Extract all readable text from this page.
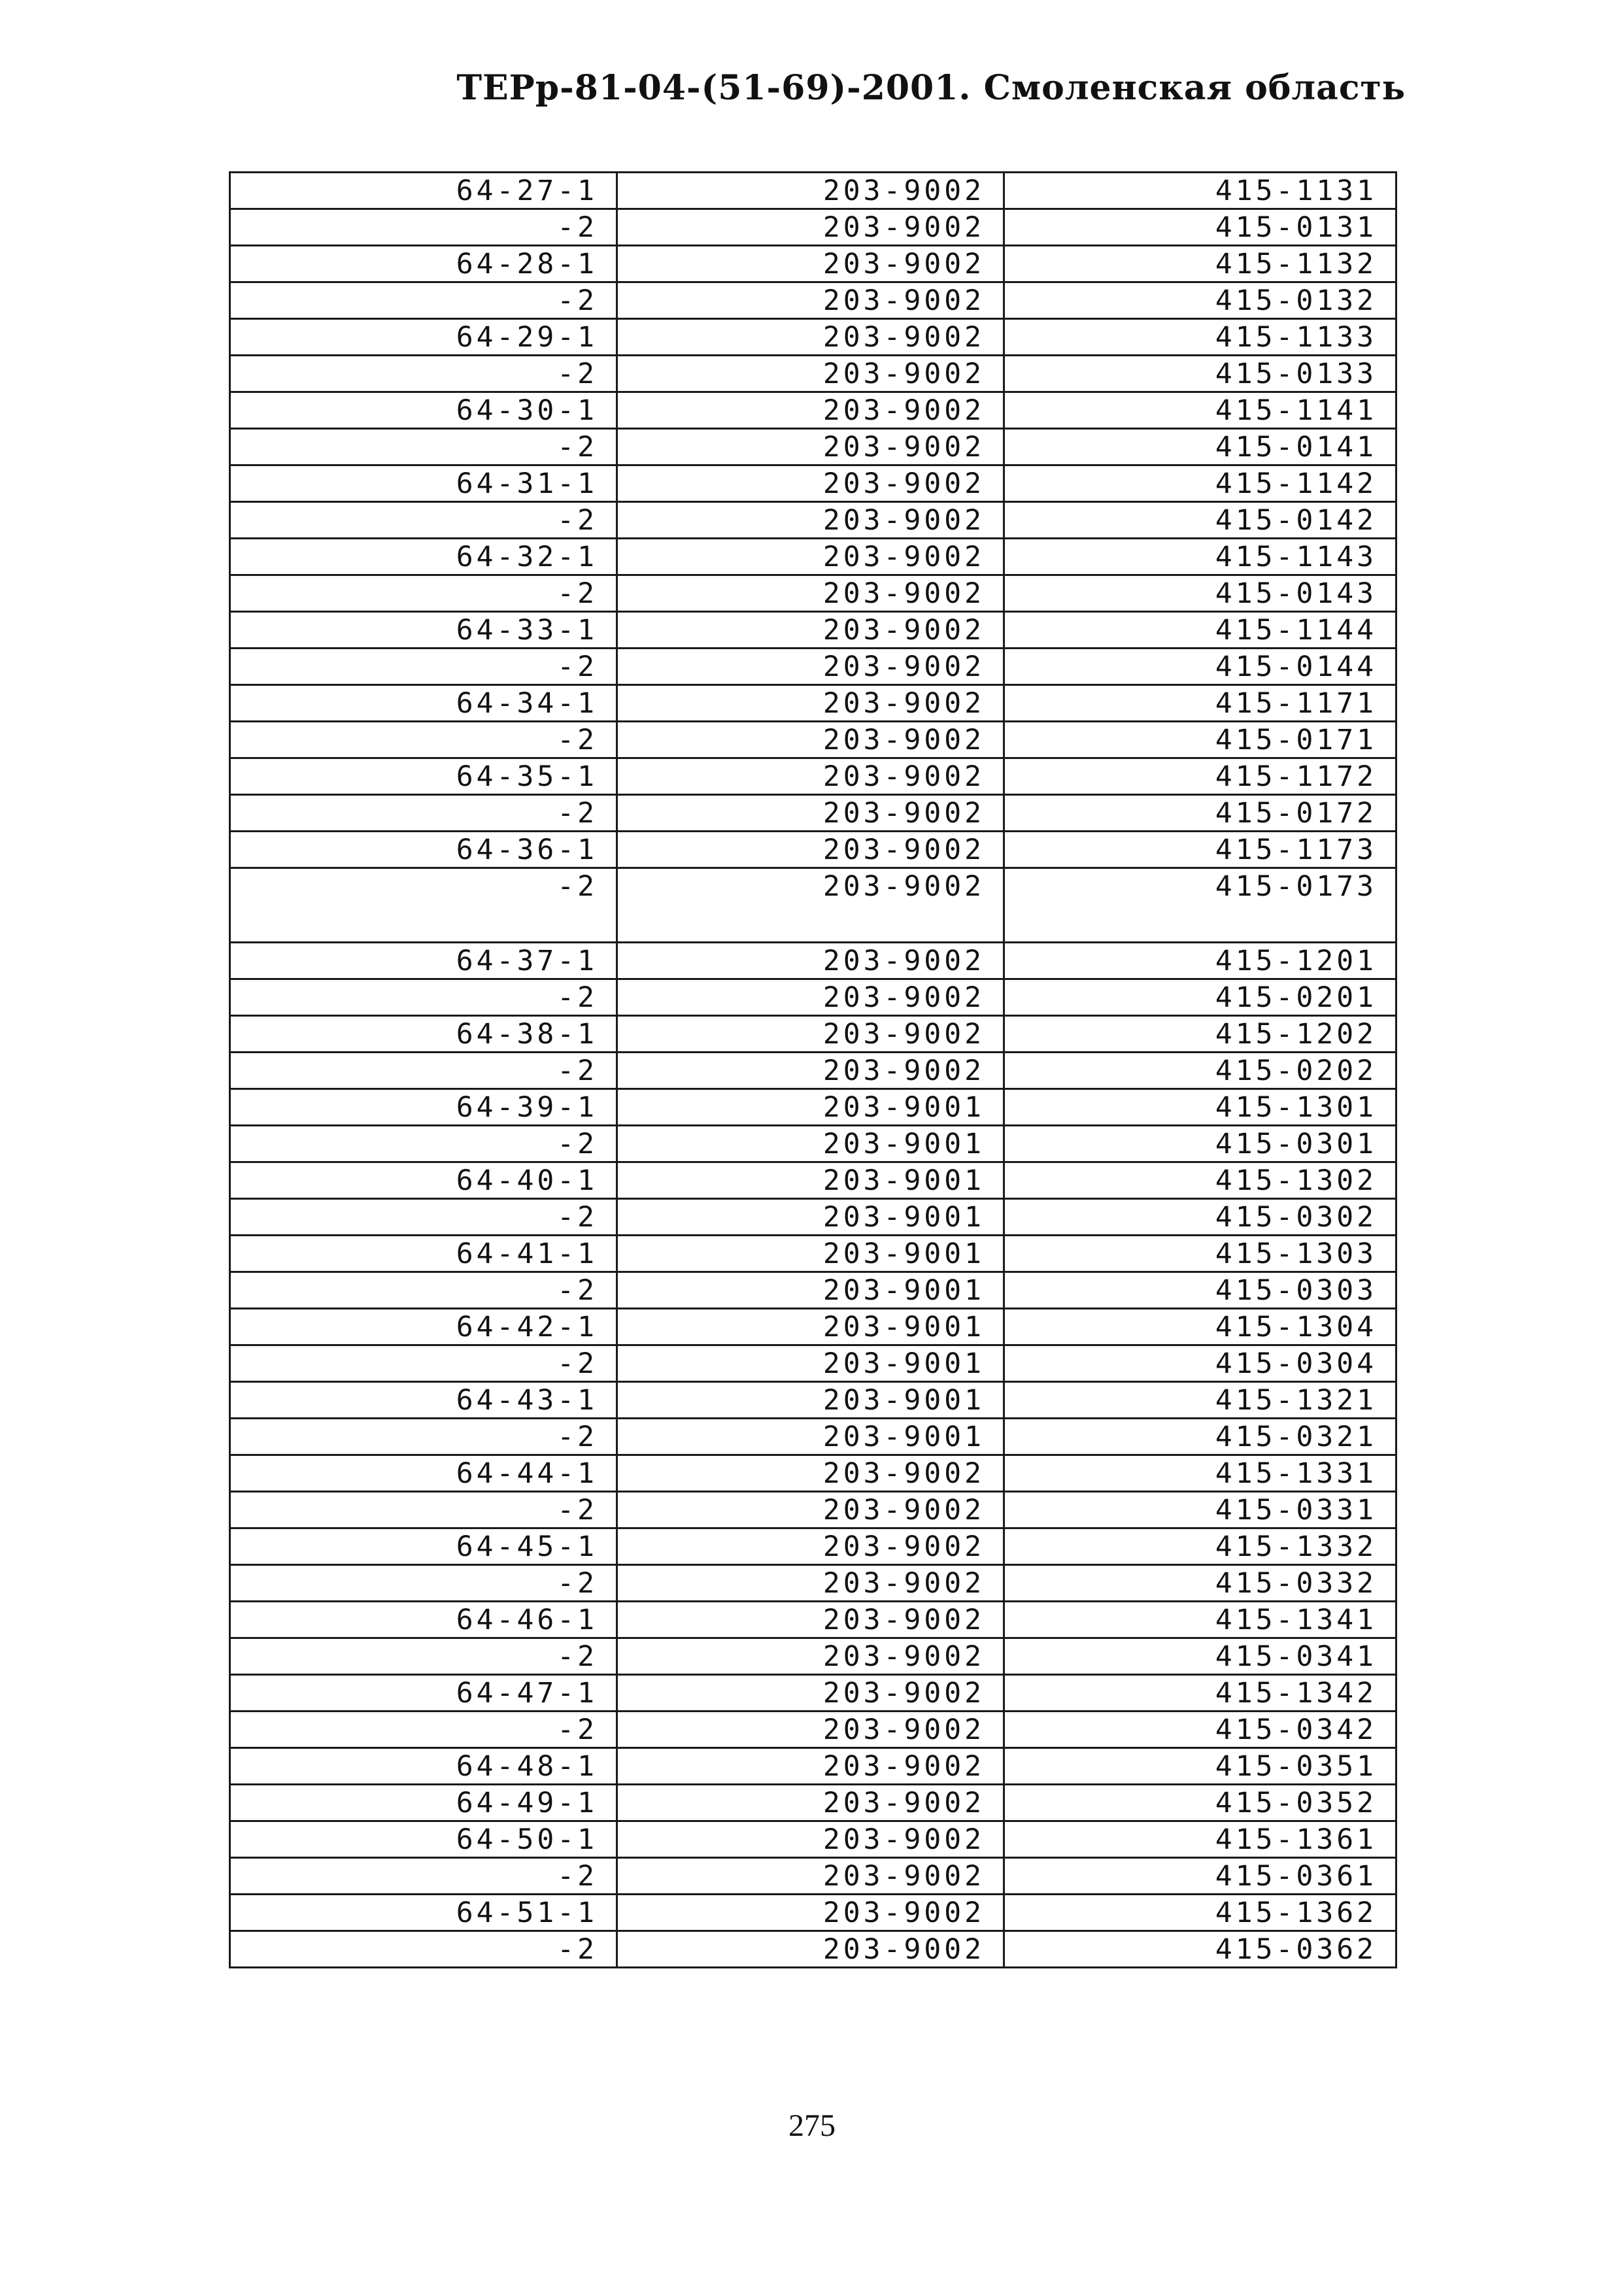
ТЕРр-81-04-(51-69)-2001. Смоленская область
64-27-1	203-9002	415-1131
-2	203-9002	415-0131
64-28-1	203-9002	415-1132
-2	203-9002	415-0132
64-29-1	203-9002	415-1133
-2	203-9002	415-0133
64-30-1	203-9002	415-1141
-2	203-9002	415-0141
64-31-1	203-9002	415-1142
-2	203-9002	415-0142
64-32-1	203-9002	415-1143
-2	203-9002	415-0143
64-33-1	203-9002	415-1144
-2	203-9002	415-0144
64-34-1	203-9002	415-1171
-2	203-9002	415-0171
64-35-1	203-9002	415-1172
-2	203-9002	415-0172
64-36-1	203-9002	415-1173
-2	203-9002	415-0173
64-37-1	203-9002	415-1201
-2	203-9002	415-0201
64-38-1	203-9002	415-1202
-2	203-9002	415-0202
64-39-1	203-9001	415-1301
-2	203-9001	415-0301
64-40-1	203-9001	415-1302
-2	203-9001	415-0302
64-41-1	203-9001	415-1303
-2	203-9001	415-0303
64-42-1	203-9001	415-1304
-2	203-9001	415-0304
64-43-1	203-9001	415-1321
-2	203-9001	415-0321
64-44-1	203-9002	415-1331
-2	203-9002	415-0331
64-45-1	203-9002	415-1332
-2	203-9002	415-0332
64-46-1	203-9002	415-1341
-2	203-9002	415-0341
64-47-1	203-9002	415-1342
-2	203-9002	415-0342
64-48-1	203-9002	415-0351
64-49-1	203-9002	415-0352
64-50-1	203-9002	415-1361
-2	203-9002	415-0361
64-51-1	203-9002	415-1362
-2	203-9002	415-0362
275
